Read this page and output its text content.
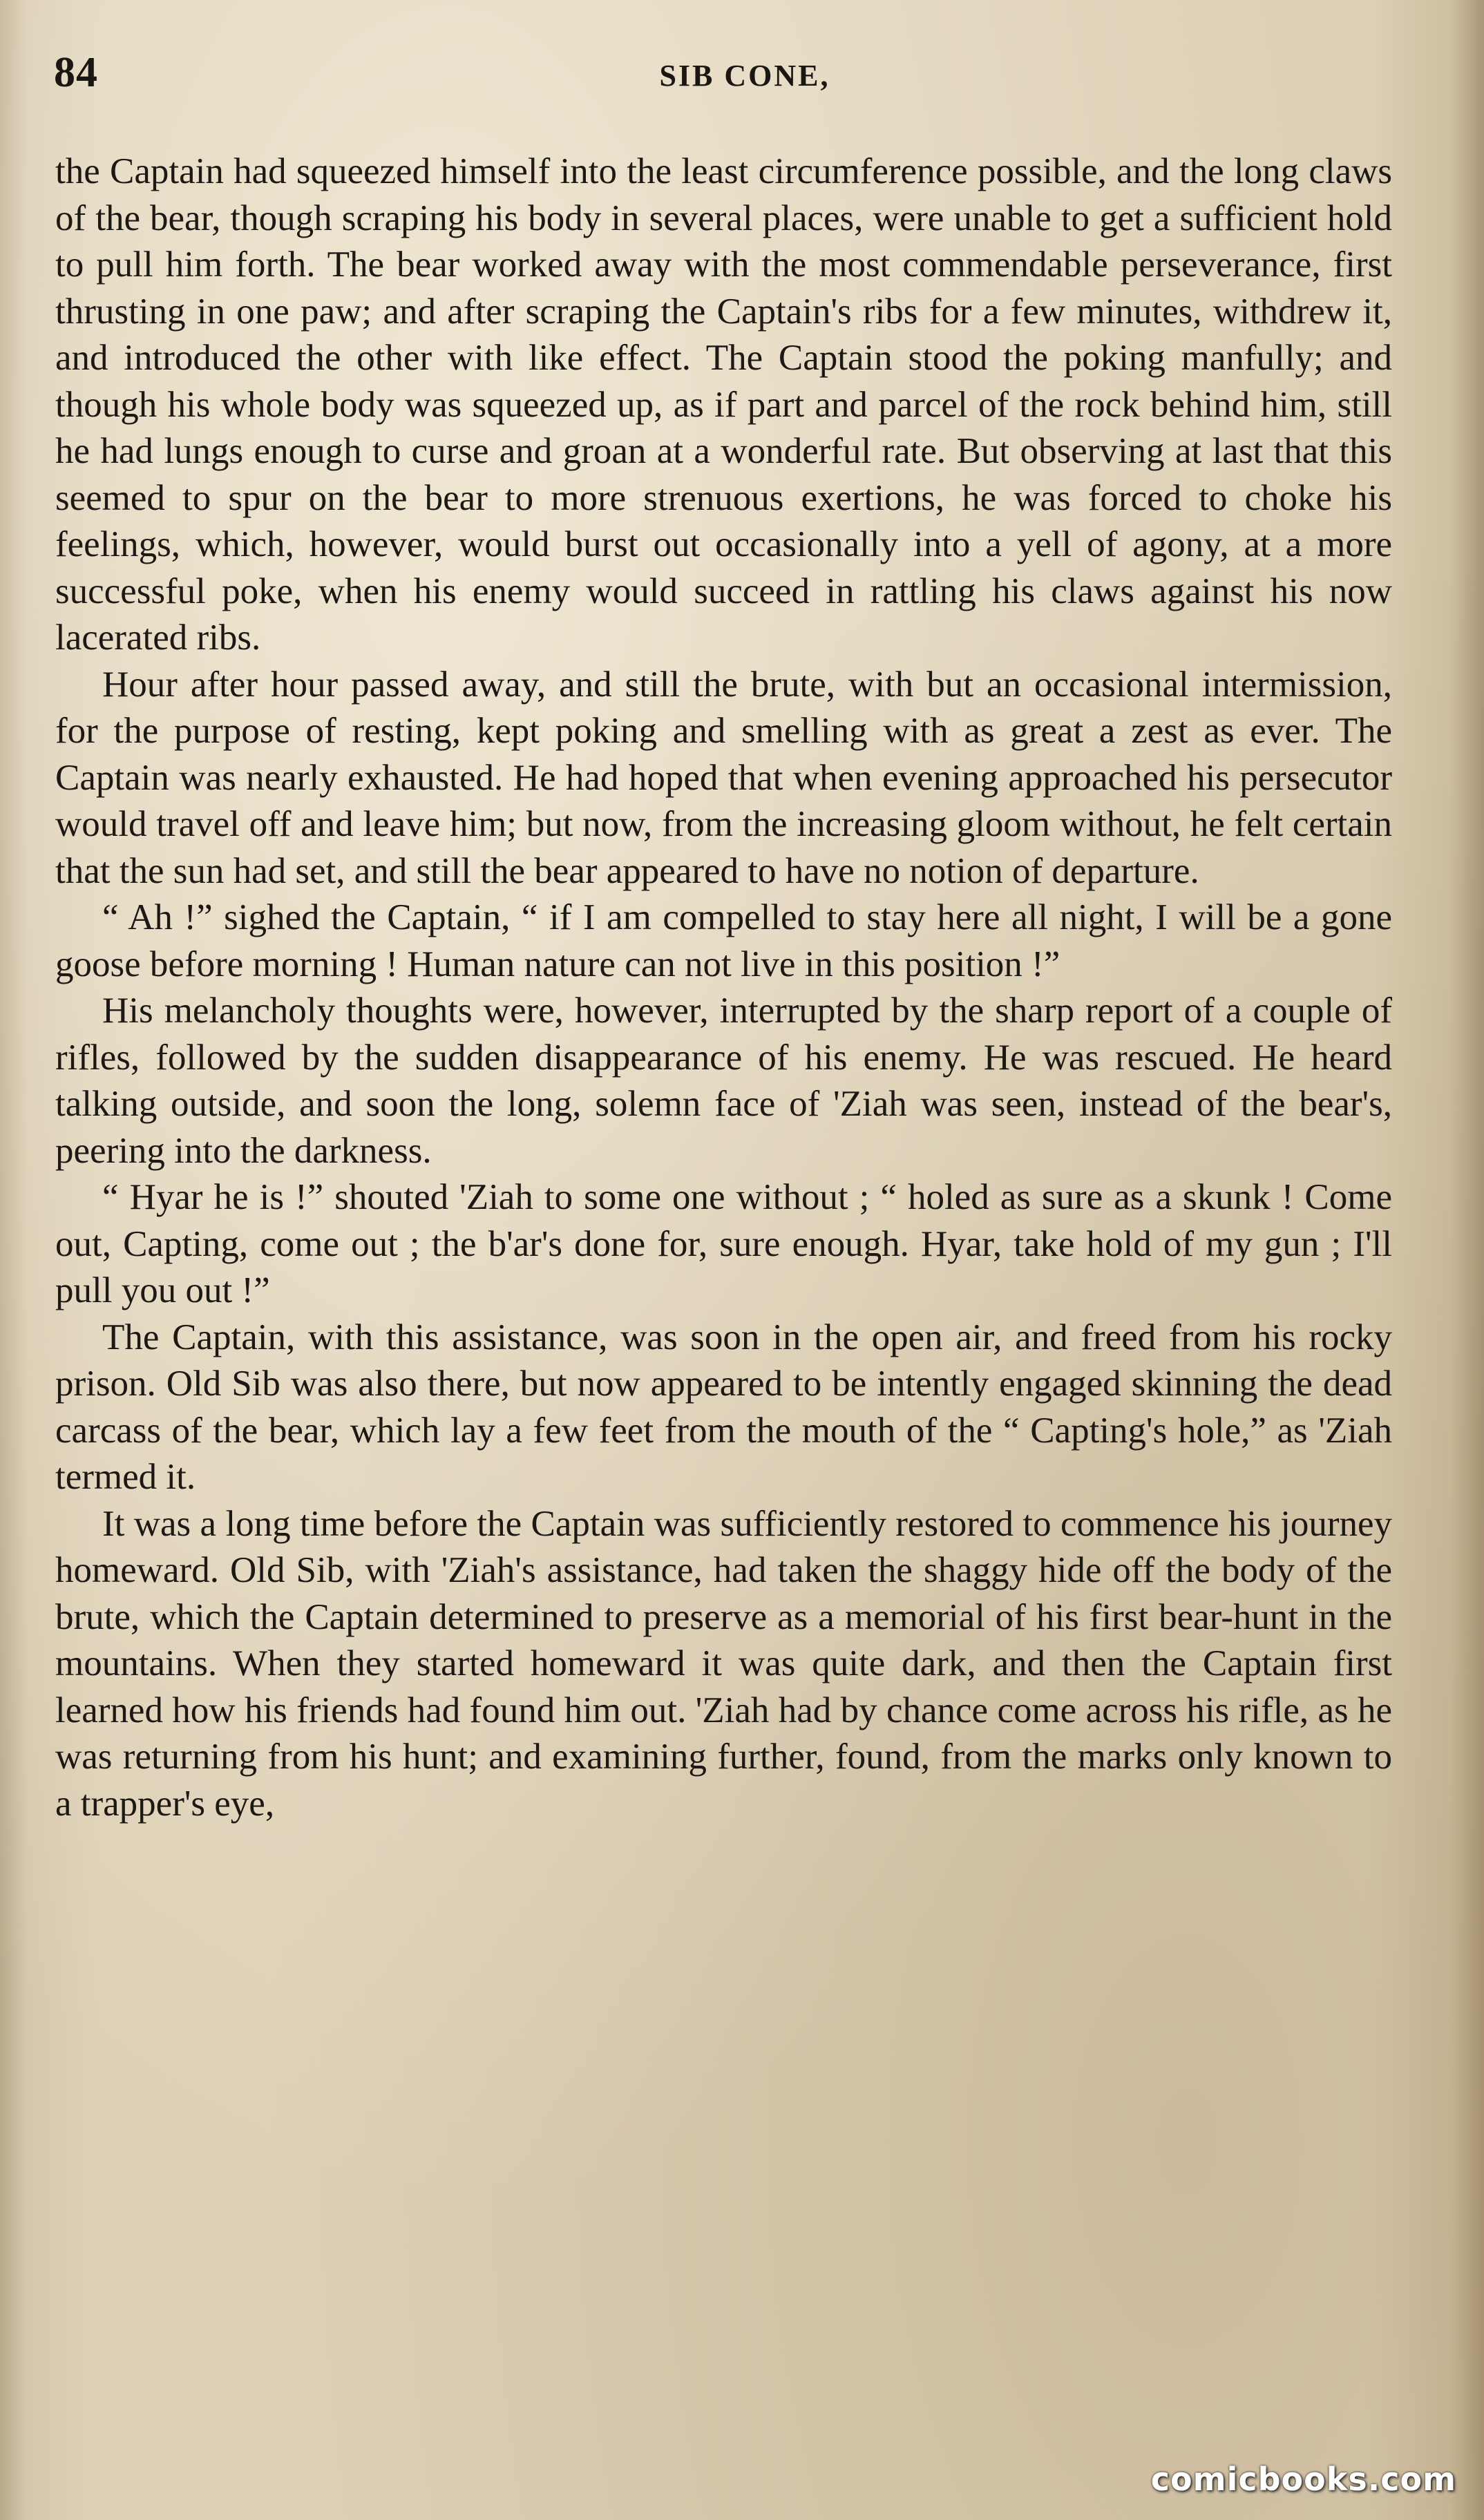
84	SIB CONE,

the Captain had squeezed himself into the least circumference possible, and the long claws of the bear, though scraping his body in several places, were unable to get a sufficient hold to pull him forth. The bear worked away with the most commendable perseverance, first thrusting in one paw; and after scraping the Captain's ribs for a few minutes, withdrew it, and introduced the other with like effect. The Captain stood the poking manfully; and though his whole body was squeezed up, as if part and parcel of the rock behind him, still he had lungs enough to curse and groan at a wonderful rate. But observing at last that this seemed to spur on the bear to more strenuous exertions, he was forced to choke his feelings, which, however, would burst out occasionally into a yell of agony, at a more successful poke, when his enemy would succeed in rattling his claws against his now lacerated ribs.

Hour after hour passed away, and still the brute, with but an occasional intermission, for the purpose of resting, kept poking and smelling with as great a zest as ever. The Captain was nearly exhausted. He had hoped that when evening approached his persecutor would travel off and leave him; but now, from the increasing gloom without, he felt certain that the sun had set, and still the bear appeared to have no notion of departure.

“ Ah !” sighed the Captain, “ if I am compelled to stay here all night, I will be a gone goose before morning ! Human nature can not live in this position !”

His melancholy thoughts were, however, interrupted by the sharp report of a couple of rifles, followed by the sudden disappearance of his enemy. He was rescued. He heard talking outside, and soon the long, solemn face of 'Ziah was seen, instead of the bear's, peering into the darkness.

“ Hyar he is !” shouted 'Ziah to some one without ; “ holed as sure as a skunk ! Come out, Capting, come out ; the b'ar's done for, sure enough. Hyar, take hold of my gun ; I'll pull you out !”

The Captain, with this assistance, was soon in the open air, and freed from his rocky prison. Old Sib was also there, but now appeared to be intently engaged skinning the dead carcass of the bear, which lay a few feet from the mouth of the “ Capting's hole,” as 'Ziah termed it.

It was a long time before the Captain was sufficiently restored to commence his journey homeward. Old Sib, with 'Ziah's assistance, had taken the shaggy hide off the body of the brute, which the Captain determined to preserve as a memorial of his first bear-hunt in the mountains. When they started homeward it was quite dark, and then the Captain first learned how his friends had found him out. 'Ziah had by chance come across his rifle, as he was returning from his hunt; and examining further, found, from the marks only known to a trapper's eye,

comicbooks.com
